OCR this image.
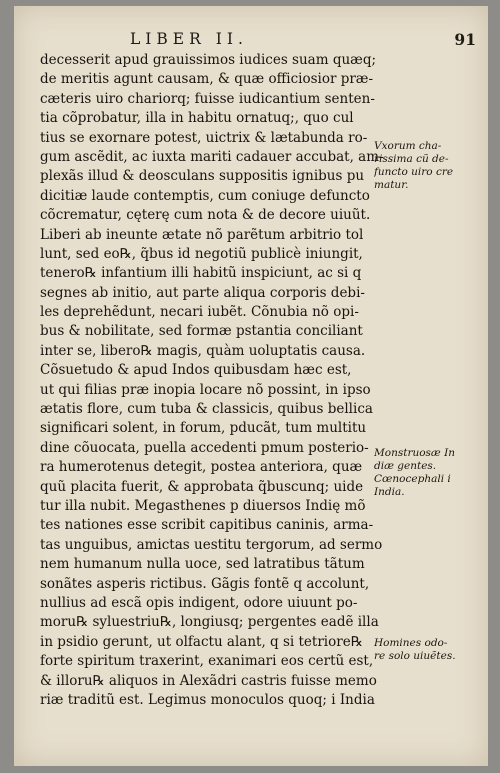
LIBER II.	91
decesserit apud grauissimos iudices suam quæq;
de meritis agunt causam, & quæ officiosior præ-
cæteris uiro chariorq; fuisse iudicantium senten-
tia cõprobatur, illa in habitu ornatuq;, quo cul
tius se exornare potest, uictrix & lætabunda ro-
gum ascẽdit, ac iuxta mariti cadauer accubat, am-
plexãs illud & deosculans suppositis ignibus pu
dicitiæ laude contemptis, cum coniuge defuncto
cõcrematur, cęterę cum nota & de decore uiuũt.
Liberi ab ineunte ætate nõ parẽtum arbitrio tol
lunt, sed eo℞, q̃bus id negotiũ publicè iniungit,
tenero℞ infantium illi habitũ inspiciunt, ac si q
segnes ab initio, aut parte aliqua corporis debi-
les deprehẽdunt, necari iubẽt. Cõnubia nõ opi-
bus & nobilitate, sed formæ pstantia conciliant
inter se, libero℞ magis, quàm uoluptatis causa.
Cõsuetudo & apud Indos quibusdam hæc est,
ut qui filias præ inopia locare nõ possint, in ipso
ætatis flore, cum tuba & classicis, quibus bellica
significari solent, in forum, pducãt, tum multitu
dine cõuocata, puella accedenti pmum posterio-
ra humerotenus detegit, postea anteriora, quæ
quũ placita fuerit, & approbata q̃buscunq; uide
tur illa nubit. Megasthenes p diuersos Indię mõ
tes nationes esse scribit capitibus caninis, arma-
tas unguibus, amictas uestitu tergorum, ad sermo
nem humanum nulla uoce, sed latratibus tãtum
sonãtes asperis rictibus. Gãgis fontẽ q accolunt,
nullius ad escã opis indigent, odore uiuunt po-
moru℞ syluestriu℞, longiusq; pergentes eadẽ illa
in psidio gerunt, ut olfactu alant, q si tetriore℞
forte spiritum traxerint, exanimari eos certũ est,
& illoru℞ aliquos in Alexãdri castris fuisse memo
riæ traditũ est. Legimus monoculos quoq; i India
Vxorum cha-
rissima cũ de-
functo uiro cre
matur.
Monstruosæ In
diæ gentes.
Cœnocephali i
India.
Homines odo-
re solo uiuẽtes.
